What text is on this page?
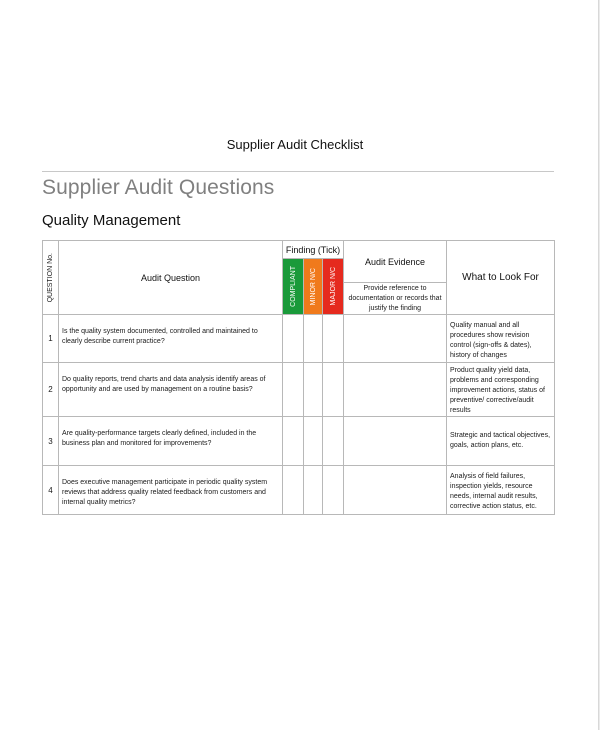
Supplier Audit Checklist
Supplier Audit Questions
Quality Management
QUESTION No.	Audit Question	Finding (Tick)			Audit Evidence	What to Look For

		COMPLIANT	MINOR N/C	MAJOR N/C		

					Provide reference to documentation or records that justify the finding	
1	Is the quality system documented, controlled and maintained to clearly describe current practice?					Quality manual and all procedures show revision control (sign-offs & dates), history of changes

2	Do quality reports, trend charts and data analysis identify areas of opportunity and are used by management on a routine basis?					Product quality yield data, problems and corresponding improvement actions, status of preventive/ corrective/audit results

3	Are quality-performance targets clearly defined, included in the business plan and monitored for improvements?					Strategic and tactical objectives, goals, action plans, etc.

4	Does executive management participate in periodic quality system reviews that address quality related feedback from customers and internal quality metrics?					Analysis of field failures, inspection yields, resource needs, internal audit results, corrective action status, etc.
